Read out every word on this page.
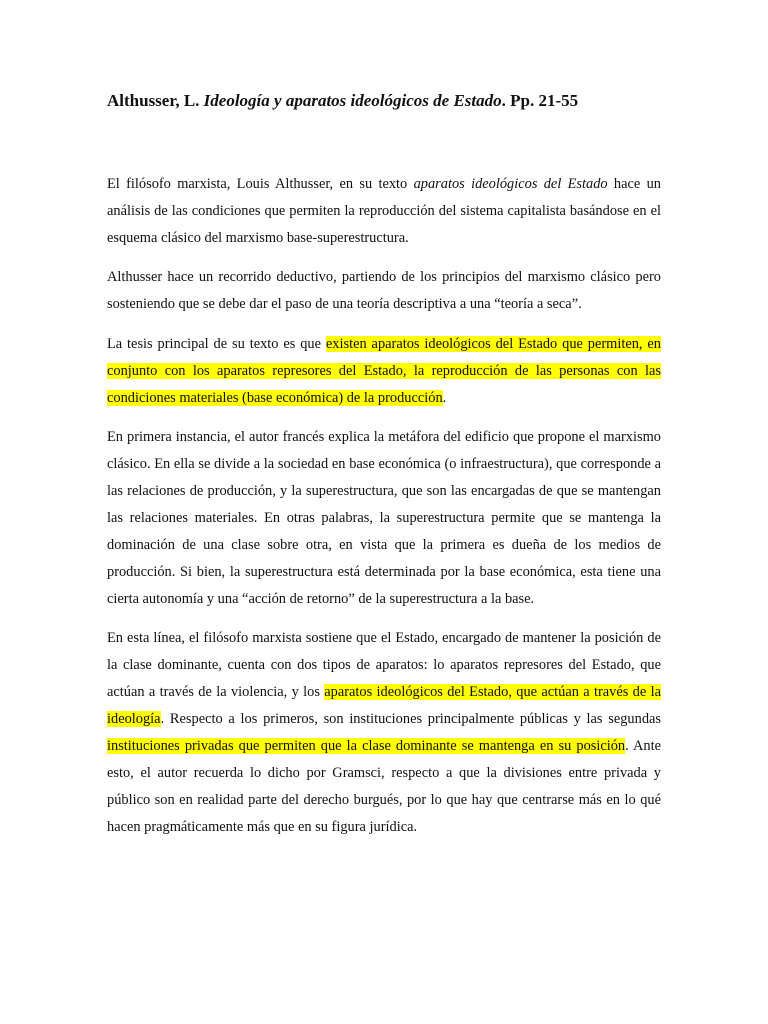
Althusser, L. Ideología y aparatos ideológicos de Estado. Pp. 21-55

El filósofo marxista, Louis Althusser, en su texto aparatos ideológicos del Estado hace un análisis de las condiciones que permiten la reproducción del sistema capitalista basándose en el esquema clásico del marxismo base-superestructura.

Althusser hace un recorrido deductivo, partiendo de los principios del marxismo clásico pero sosteniendo que se debe dar el paso de una teoría descriptiva a una “teoría a seca”.

La tesis principal de su texto es que existen aparatos ideológicos del Estado que permiten, en conjunto con los aparatos represores del Estado, la reproducción de las personas con las condiciones materiales (base económica) de la producción.

En primera instancia, el autor francés explica la metáfora del edificio que propone el marxismo clásico. En ella se divide a la sociedad en base económica (o infraestructura), que corresponde a las relaciones de producción, y la superestructura, que son las encargadas de que se mantengan las relaciones materiales. En otras palabras, la superestructura permite que se mantenga la dominación de una clase sobre otra, en vista que la primera es dueña de los medios de producción. Si bien, la superestructura está determinada por la base económica, esta tiene una cierta autonomía y una “acción de retorno” de la superestructura a la base.

En esta línea, el filósofo marxista sostiene que el Estado, encargado de mantener la posición de la clase dominante, cuenta con dos tipos de aparatos: lo aparatos represores del Estado, que actúan a través de la violencia, y los aparatos ideológicos del Estado, que actúan a través de la ideología. Respecto a los primeros, son instituciones principalmente públicas y las segundas instituciones privadas que permiten que la clase dominante se mantenga en su posición. Ante esto, el autor recuerda lo dicho por Gramsci, respecto a que la divisiones entre privada y público son en realidad parte del derecho burgués, por lo que hay que centrarse más en lo qué hacen pragmáticamente más que en su figura jurídica.
